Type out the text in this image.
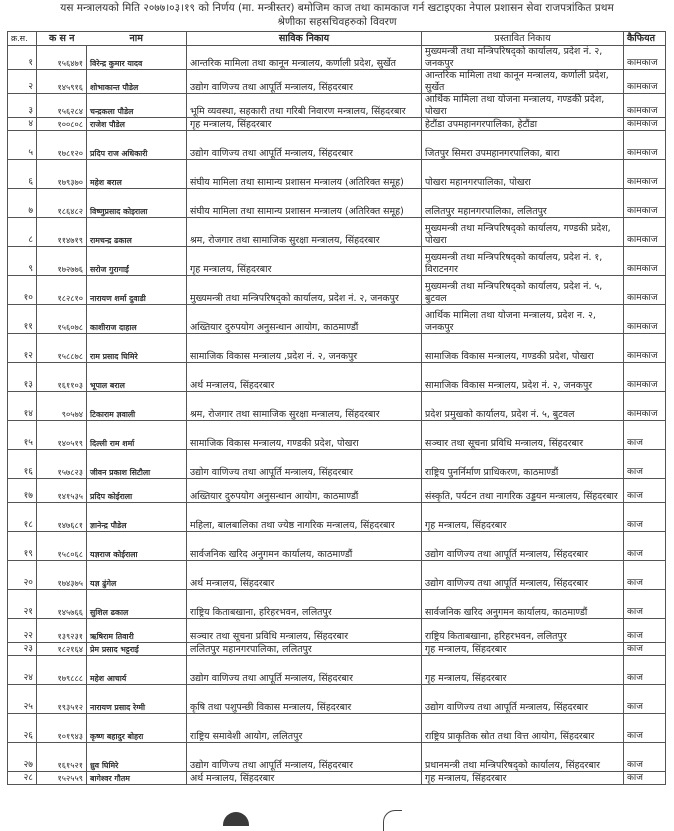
यस मन्त्रालयको मिति २०७७।०३।१९ को निर्णय (मा. मन्त्रीस्तर) बमोजिम काज तथा कामकाज गर्न खटाइएका नेपाल प्रशासन सेवा राजपत्रांकित प्रथम
श्रेणीका सहसचिवहरुको विवरण
क्र.स.	क स न	नाम	साविक निकाय	प्रस्तावित निकाय	कैफियत
१	१५६४७१	विरेन्द्र कुमार यादव	आन्तरिक मामिला तथा कानून मन्त्रालय, कर्णाली प्रदेश, सुर्खेत	मुख्यमन्त्री तथा मन्त्रिपरिषद्को कार्यालय, प्रदेश नं. २, जनकपुर	कामकाज
२	१४५९१६	शोभाकान्त पौडेल	उद्योग वाणिज्य तथा आपूर्ति मन्त्रालय, सिंहदरबार	आन्तरिक मामिला तथा कानून मन्त्रालय, कर्णाली प्रदेश, सुर्खेत	कामकाज
३	१५६२८४	चन्द्रकला पौडेल	भूमि व्यवस्था, सहकारी तथा गरिबी निवारण मन्त्रालय, सिंहदरबार	आर्थिक मामिला तथा योजना मन्त्रालय, गण्डकी प्रदेश, पोखरा	कामकाज
४	१००८०८	राजेश पौडेल	गृह मन्त्रालय, सिंहदरबार	हेटौंडा उपमहानगरपालिका, हेटौंडा	कामकाज
५	१७८१२०	प्रदिप राज अधिकारी	उद्योग वाणिज्य तथा आपूर्ति मन्त्रालय, सिंहदरबार	जितपुर सिमरा उपमहानगरपालिका, बारा	कामकाज
६	१७९३७०	महेश बराल	संघीय मामिला तथा सामान्य प्रशासन मन्त्रालय (अतिरिक्त समूह)	पोखरा महानगरपालिका, पोखरा	कामकाज
७	१८६४८२	विष्णुप्रसाद कोइराला	संघीय मामिला तथा सामान्य प्रशासन मन्त्रालय (अतिरिक्त समूह)	ललितपुर महानगरपालिका, ललितपुर	कामकाज
८	११४७१९	रामचन्द्र ढकाल	श्रम, रोजगार तथा सामाजिक सुरक्षा मन्त्रालय, सिंहदरबार	मुख्यमन्त्री तथा मन्त्रिपरिषद्को कार्यालय, गण्डकी प्रदेश, पोखरा	कामकाज
९	१७२७७६	सरोज गुरागाईं	गृह मन्त्रालय, सिंहदरबार	मुख्यमन्त्री तथा मन्त्रिपरिषद्को कार्यालय, प्रदेश नं. १, विराटनगर	कामकाज
१०	१८२८१०	नारायण शर्मा दुवाडी	मुख्यमन्त्री तथा मन्त्रिपरिषद्को कार्यालय, प्रदेश नं. २, जनकपुर	मुख्यमन्त्री तथा मन्त्रिपरिषद्को कार्यालय, प्रदेश नं. ५, बुटवल	कामकाज
११	१५६०७८	काशीराज दाहाल	अख्तियार दुरुपयोग अनुसन्धान आयोग, काठमाण्डौं	आर्थिक मामिला तथा योजना मन्त्रालय, प्रदेश न. २, जनकपुर	कामकाज
१२	१५८८७८	राम प्रसाद घिमिरे	सामाजिक विकास मन्त्रालय ,प्रदेश नं. २, जनकपुर	सामाजिक विकास मन्त्रालय, गण्डकी प्रदेश, पोखरा	कामकाज
१३	१६११०३	भूपाल बराल	अर्थ मन्त्रालय, सिंहदरबार	सामाजिक विकास मन्त्रालय, प्रदेश नं. २, जनकपुर	कामकाज
१४	९०५७४	टिकाराम ज्ञवाली	श्रम, रोजगार तथा सामाजिक सुरक्षा मन्त्रालय, सिंहदरबार	प्रदेश प्रमुखको कार्यालय, प्रदेश नं. ५, बुटवल	कामकाज
१५	१४०५१९	दिल्ली राम शर्मा	सामाजिक विकास मन्त्रालय, गण्डकी प्रदेश, पोखरा	सञ्चार तथा सूचना प्रविधि मन्त्रालय, सिंहदरबार	काज
१६	१५७८२३	जीवन प्रकाश सिटौला	उद्योग वाणिज्य तथा आपूर्ति मन्त्रालय, सिंहदरबार	राष्ट्रिय पुनर्निर्माण प्राधिकरण, काठमाण्डौं	काज
१७	१४१५३५	प्रदिप कोईराला	अख्तियार दुरुपयोग अनुसन्धान आयोग, काठमाण्डौं	संस्कृति, पर्यटन तथा नागरिक उड्डयन मन्त्रालय, सिंहदरबार	काज
१८	१४७६८१	ज्ञानेन्द्र पौडेल	महिला, बालबालिका तथा ज्येष्ठ नागरिक मन्त्रालय, सिंहदरबार	गृह मन्त्रालय, सिंहदरबार	काज
१९	१५८०६८	यज्ञराज कोईराला	सार्वजनिक खरिद अनुगमन कार्यालय, काठमाण्डौं	उद्योग वाणिज्य तथा आपूर्ति मन्त्रालय, सिंहदरबार	काज
२०	१७४३७५	यज्ञ ढुंगेल	अर्थ मन्त्रालय, सिंहदरबार	उद्योग वाणिज्य तथा आपूर्ति मन्त्रालय, सिंहदरबार	काज
२१	१४५७६६	सुशिल ढकाल	राष्ट्रिय किताबखाना, हरिहरभवन, ललितपुर	सार्वजनिक खरिद अनुगमन कार्यालय, काठमाण्डौं	काज
२२	१३९२३१	ऋषिराम तिवारी	सञ्चार तथा सूचना प्रविधि मन्त्रालय, सिंहदरबार	राष्ट्रिय किताबखाना, हरिहरभवन, ललितपुर	काज
२३	१८२१६४	प्रेम प्रसाद भट्टराई	ललितपुर महानगरपालिका, ललितपुर	गृह मन्त्रालय, सिंहदरबार	काज
२४	१७९८८८	महेश आचार्य	उद्योग वाणिज्य तथा आपूर्ति मन्त्रालय, सिंहदरबार	गृह मन्त्रालय, सिंहदरबार	काज
२५	१९३५१२	नारायण प्रसाद रेग्मी	कृषि तथा पशुपन्छी विकास मन्त्रालय, सिंहदरबार	उद्योग वाणिज्य तथा आपूर्ति मन्त्रालय, सिंहदरबार	काज
२६	१०१९४३	कृष्ण बहादुर बोहरा	राष्ट्रिय समावेशी आयोग, ललितपुर	राष्ट्रिय प्राकृतिक स्रोत तथा वित्त आयोग, सिंहदरबार	काज
२७	१६१५२१	ध्रुव घिमिरे	उद्योग वाणिज्य तथा आपूर्ति मन्त्रालय, सिंहदरबार	प्रधानमन्त्री तथा मन्त्रिपरिषद्को कार्यालय, सिंहदरबार	काज
२८	१५२५५९	बागेश्वर गौतम	अर्थ मन्त्रालय, सिंहदरबार	गृह मन्त्रालय, सिंहदरबार	काज
